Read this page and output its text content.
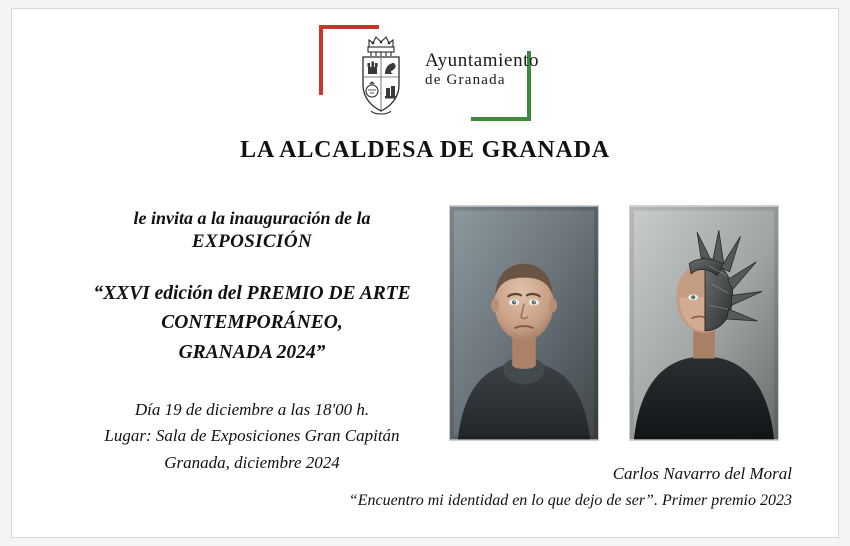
Ayuntamiento
de Granada
LA ALCALDESA DE GRANADA
le invita a la inauguración de la
EXPOSICIÓN
“XXVI edición del PREMIO DE ARTE
CONTEMPORÁNEO,
GRANADA 2024”
Día 19 de diciembre a las 18'00 h.
Lugar: Sala de Exposiciones Gran Capitán
Granada, diciembre 2024
Carlos Navarro del Moral
“Encuentro mi identidad en lo que dejo de ser”. Primer premio 2023
